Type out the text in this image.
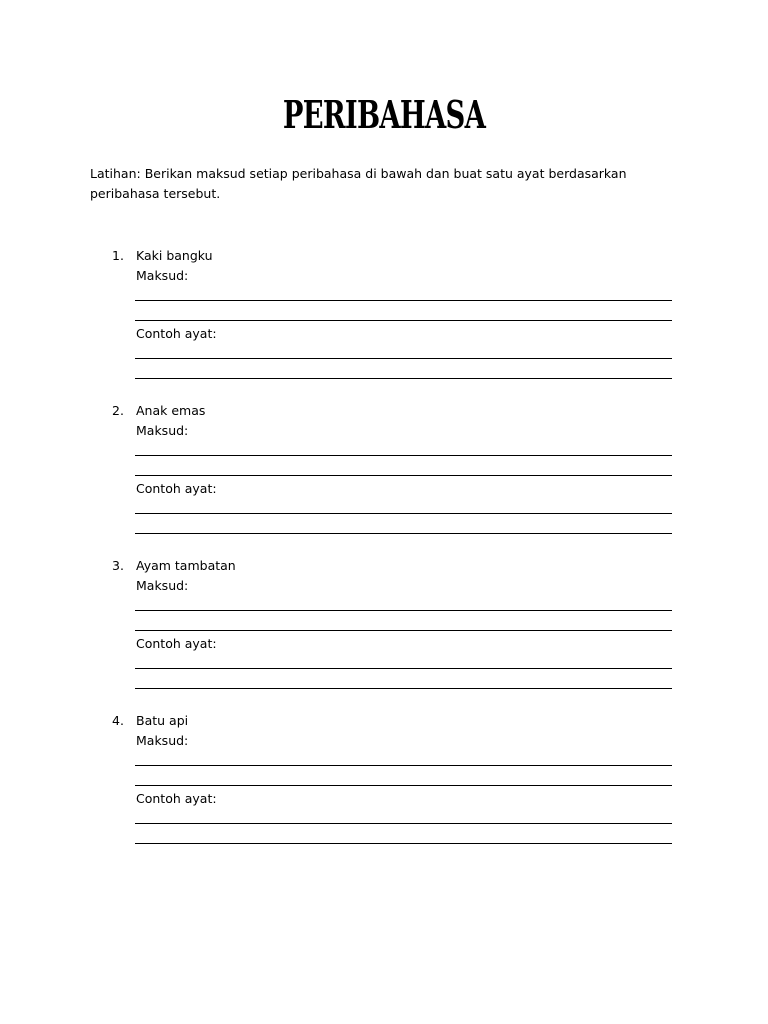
PERIBAHASA
Latihan: Berikan maksud setiap peribahasa di bawah dan buat satu ayat berdasarkan peribahasa tersebut.
1. Kaki bangku
Maksud:
Contoh ayat:
2. Anak emas
Maksud:
Contoh ayat:
3. Ayam tambatan
Maksud:
Contoh ayat:
4. Batu api
Maksud:
Contoh ayat:
